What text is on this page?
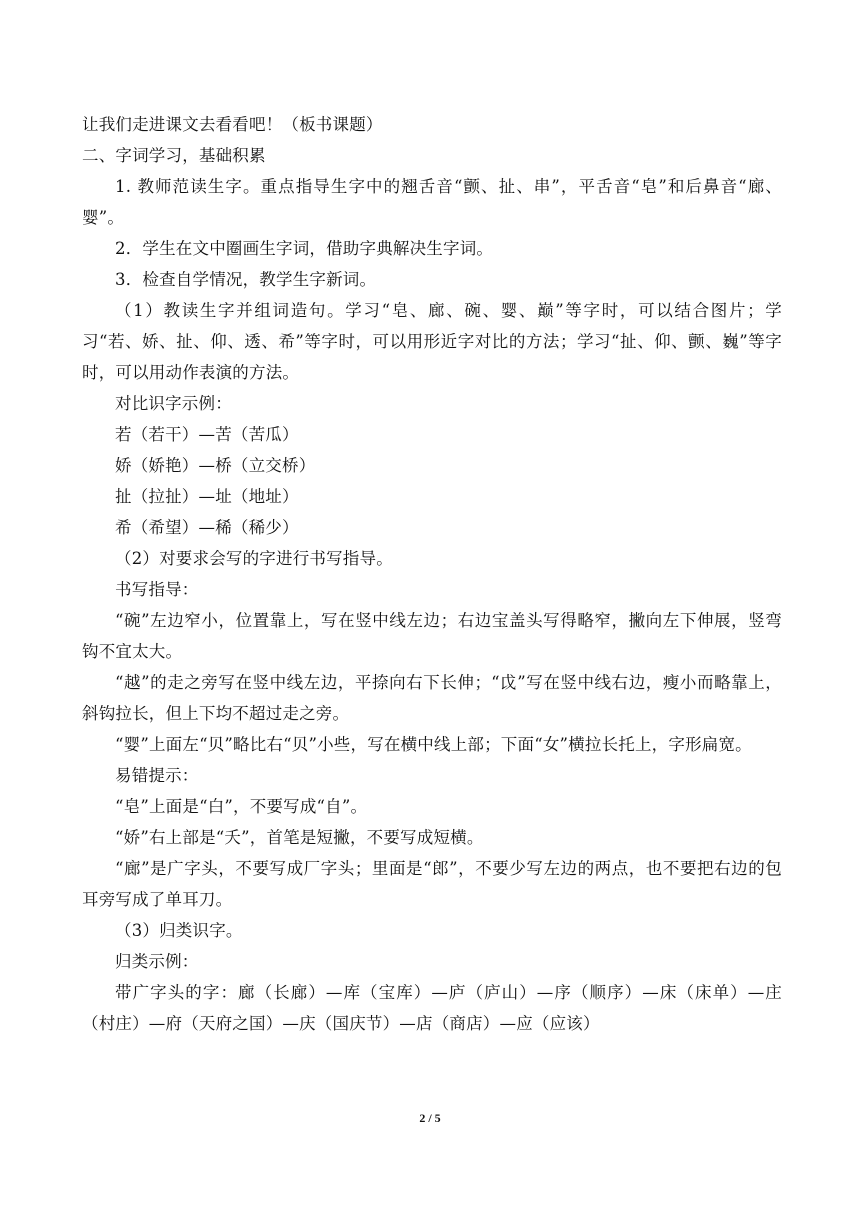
让我们走进课文去看看吧！（板书课题）

二、字词学习，基础积累

1. 教师范读生字。重点指导生字中的翘舌音“颤、扯、串”，平舌音“皂”和后鼻音“廊、婴”。

2．学生在文中圈画生字词，借助字典解决生字词。

3．检查自学情况，教学生字新词。

（1）教读生字并组词造句。学习“皂、廊、碗、婴、巅”等字时，可以结合图片；学习“若、娇、扯、仰、透、希”等字时，可以用形近字对比的方法；学习“扯、仰、颤、巍”等字时，可以用动作表演的方法。

对比识字示例：

若（若干）—苦（苦瓜）

娇（娇艳）—桥（立交桥）

扯（拉扯）—址（地址）

希（希望）—稀（稀少）

（2）对要求会写的字进行书写指导。

书写指导：

“碗”左边窄小，位置靠上，写在竖中线左边；右边宝盖头写得略窄，撇向左下伸展，竖弯钩不宜太大。

“越”的走之旁写在竖中线左边，平捺向右下长伸；“戉”写在竖中线右边，瘦小而略靠上，斜钩拉长，但上下均不超过走之旁。

“婴”上面左“贝”略比右“贝”小些，写在横中线上部；下面“女”横拉长托上，字形扁宽。

易错提示：

“皂”上面是“白”，不要写成“自”。

“娇”右上部是“夭”，首笔是短撇，不要写成短横。

“廊”是广字头，不要写成厂字头；里面是“郎”，不要少写左边的两点，也不要把右边的包耳旁写成了单耳刀。

（3）归类识字。

归类示例：

带广字头的字：廊（长廊）—库（宝库）—庐（庐山）—序（顺序）—床（床单）—庄（村庄）—府（天府之国）—庆（国庆节）—店（商店）—应（应该）

2 / 5
